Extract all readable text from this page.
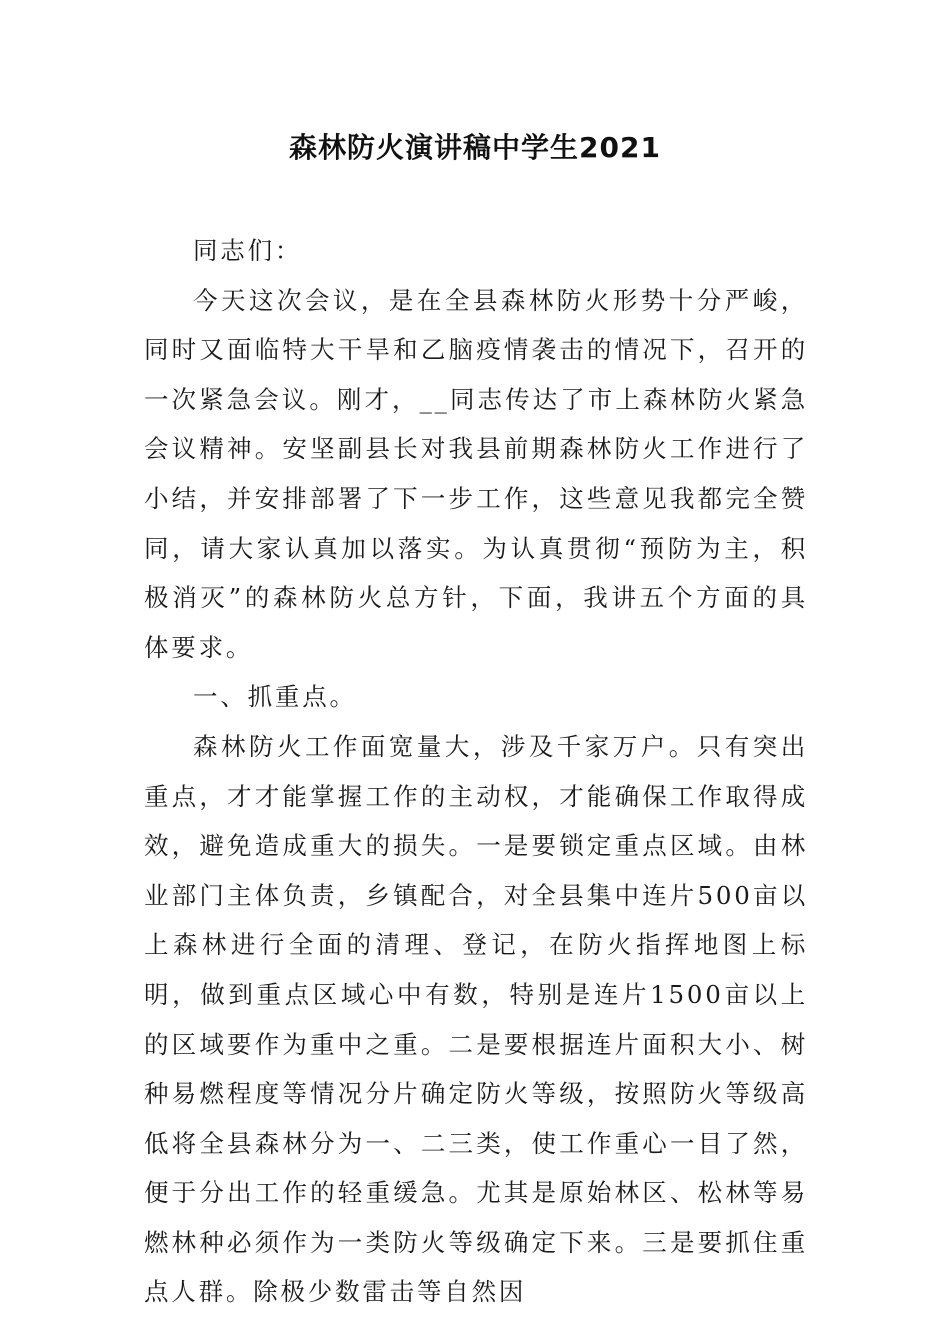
森林防火演讲稿中学生2021

同志们：

今天这次会议，是在全县森林防火形势十分严峻，同时又面临特大干旱和乙脑疫情袭击的情况下，召开的一次紧急会议。刚才，__同志传达了市上森林防火紧急会议精神。安坚副县长对我县前期森林防火工作进行了小结，并安排部署了下一步工作，这些意见我都完全赞同，请大家认真加以落实。为认真贯彻“预防为主，积极消灭”的森林防火总方针，下面，我讲五个方面的具体要求。

一、抓重点。

森林防火工作面宽量大，涉及千家万户。只有突出重点，才才能掌握工作的主动权，才能确保工作取得成效，避免造成重大的损失。一是要锁定重点区域。由林业部门主体负责，乡镇配合，对全县集中连片500亩以上森林进行全面的清理、登记，在防火指挥地图上标明，做到重点区域心中有数，特别是连片1500亩以上的区域要作为重中之重。二是要根据连片面积大小、树种易燃程度等情况分片确定防火等级，按照防火等级高低将全县森林分为一、二三类，使工作重心一目了然，便于分出工作的轻重缓急。尤其是原始林区、松林等易燃林种必须作为一类防火等级确定下来。三是要抓住重点人群。除极少数雷击等自然因
